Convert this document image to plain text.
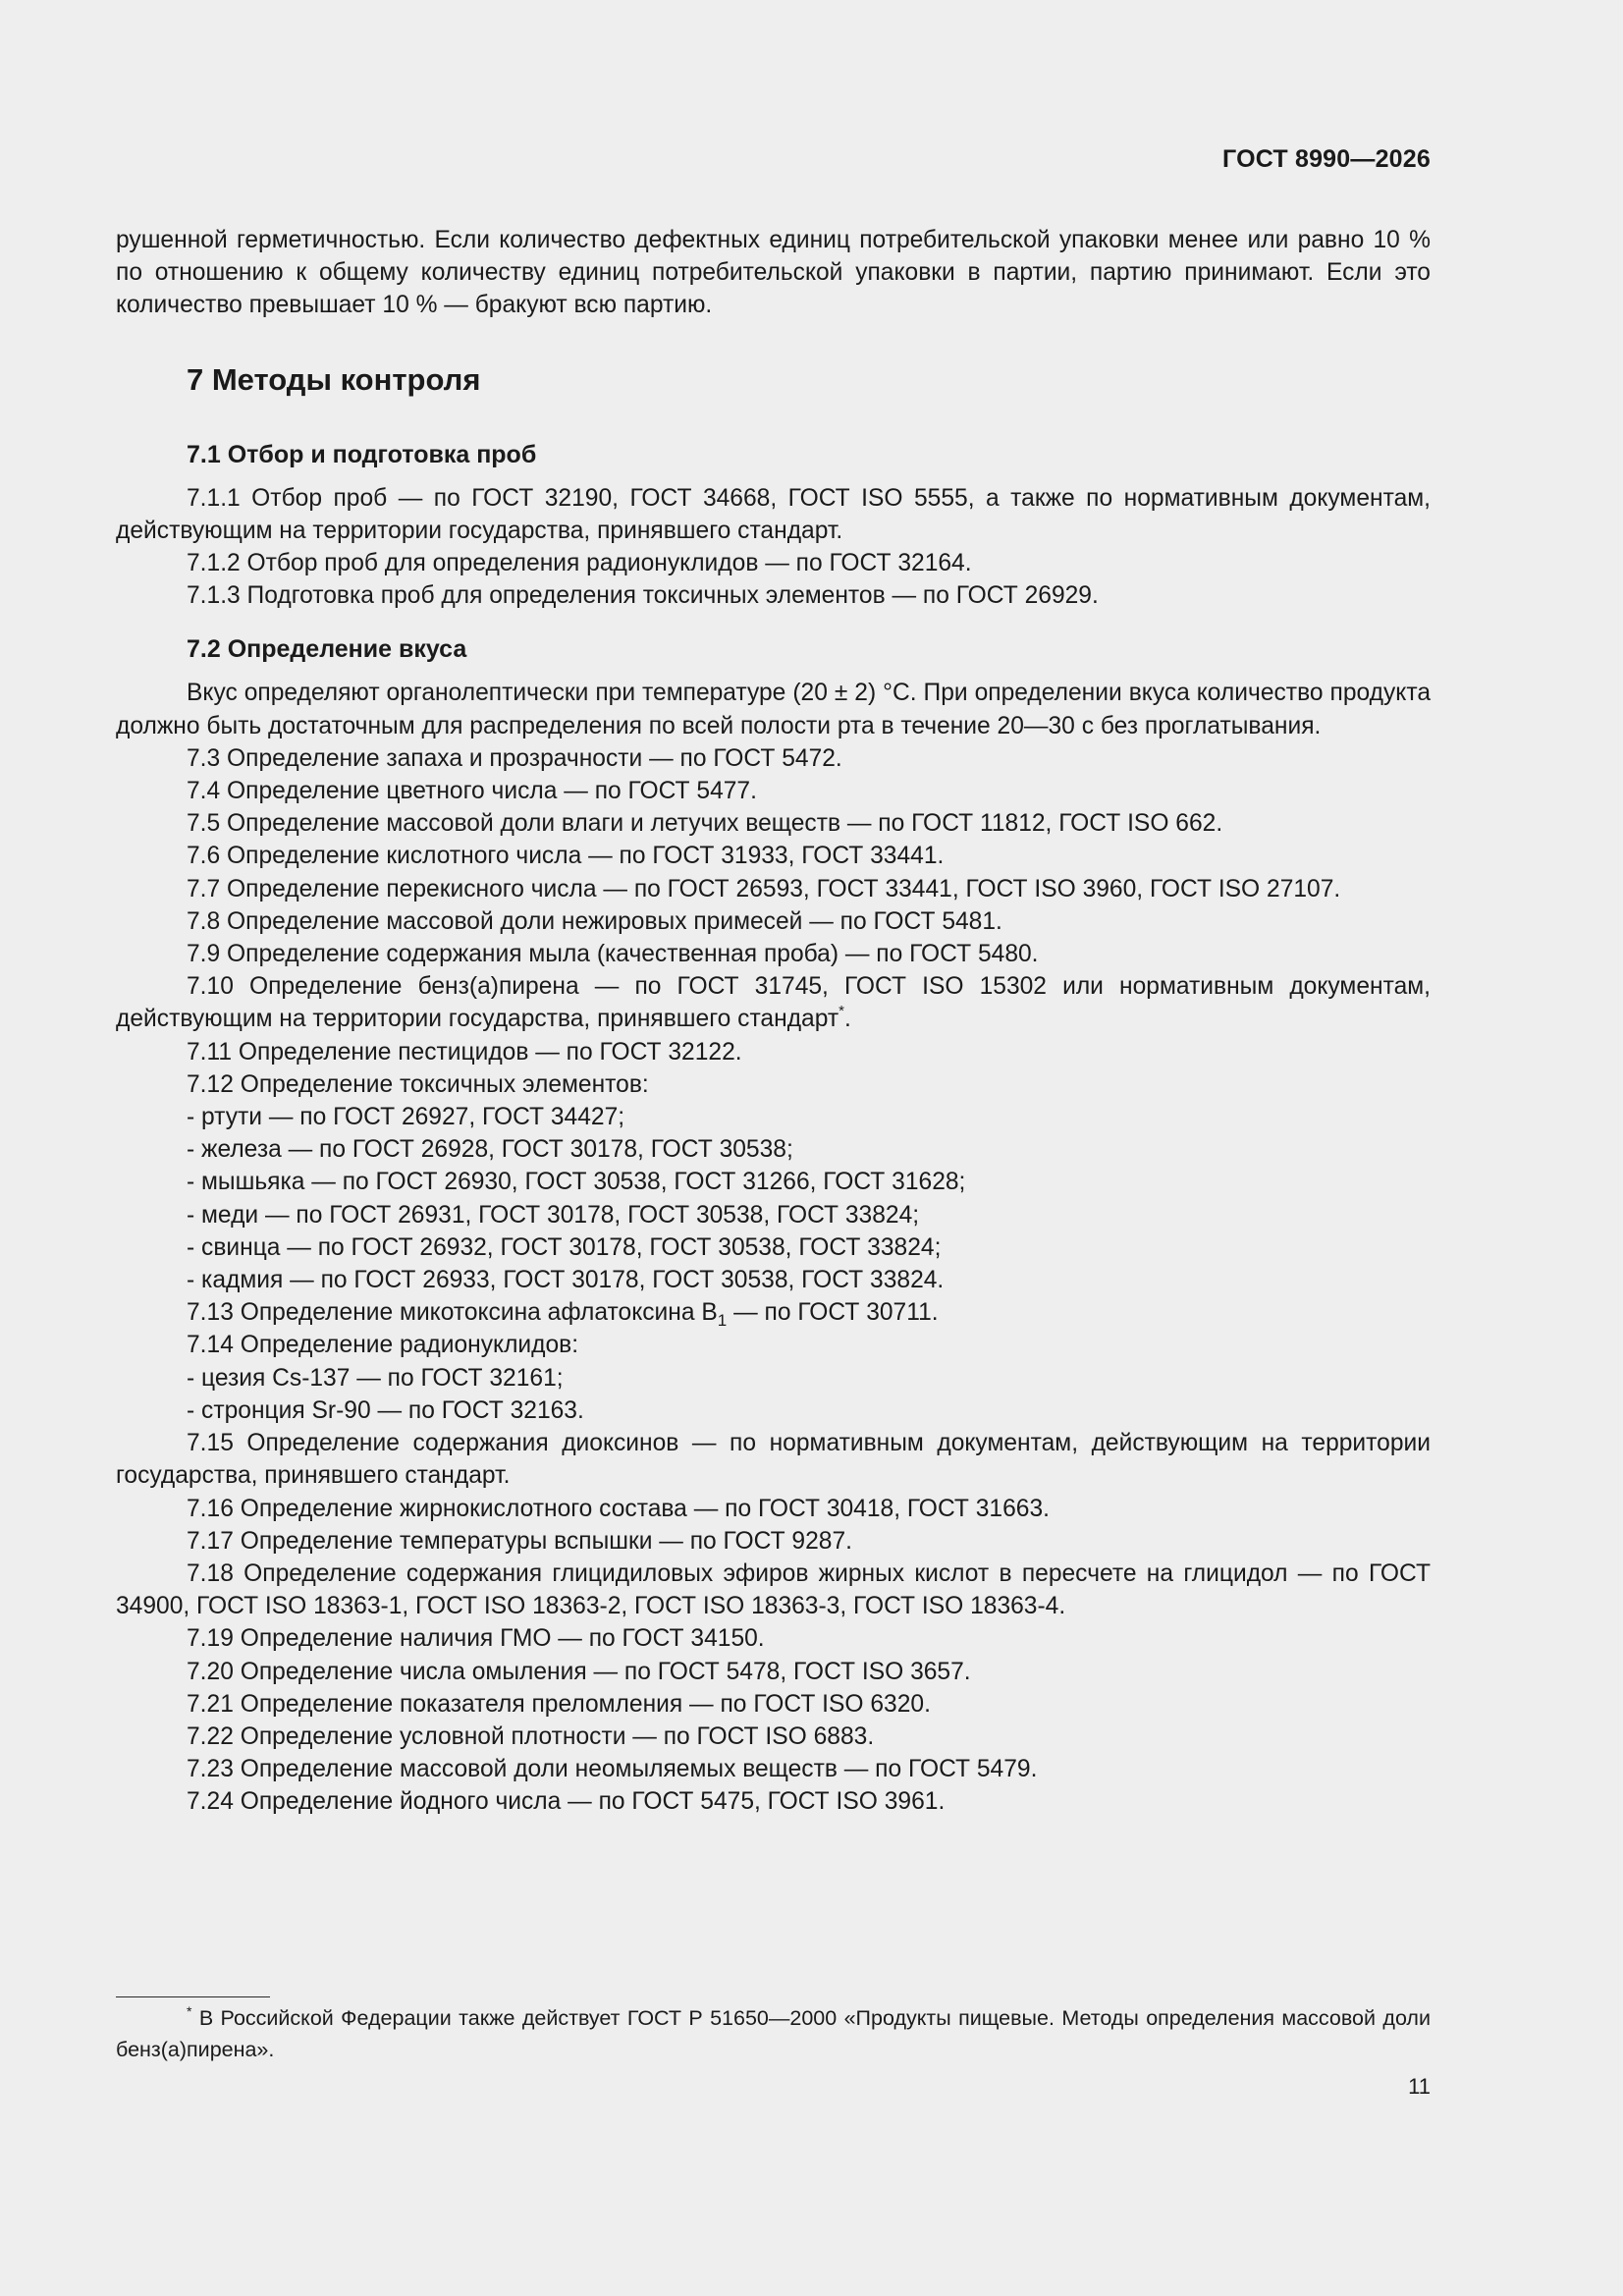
ГОСТ 8990—2026

рушенной герметичностью. Если количество дефектных единиц потребительской упаковки менее или равно 10 % по отношению к общему количеству единиц потребительской упаковки в партии, партию принимают. Если это количество превышает 10 % — бракуют всю партию.

7 Методы контроля
7.1 Отбор и подготовка проб

7.1.1 Отбор проб — по ГОСТ 32190, ГОСТ 34668, ГОСТ ISO 5555, а также по нормативным документам, действующим на территории государства, принявшего стандарт.

7.1.2 Отбор проб для определения радионуклидов — по ГОСТ 32164.

7.1.3 Подготовка проб для определения токсичных элементов — по ГОСТ 26929.

7.2 Определение вкуса

Вкус определяют органолептически при температуре (20 ± 2) °С. При определении вкуса количество продукта должно быть достаточным для распределения по всей полости рта в течение 20—30 с без проглатывания.

7.3 Определение запаха и прозрачности — по ГОСТ 5472.

7.4 Определение цветного числа — по ГОСТ 5477.

7.5 Определение массовой доли влаги и летучих веществ — по ГОСТ 11812, ГОСТ ISO 662.

7.6 Определение кислотного числа — по ГОСТ 31933, ГОСТ 33441.

7.7 Определение перекисного числа — по ГОСТ 26593, ГОСТ 33441, ГОСТ ISO 3960, ГОСТ ISO 27107.

7.8 Определение массовой доли нежировых примесей — по ГОСТ 5481.

7.9 Определение содержания мыла (качественная проба) — по ГОСТ 5480.

7.10 Определение бенз(а)пирена — по ГОСТ 31745, ГОСТ ISO 15302 или нормативным документам, действующим на территории государства, принявшего стандарт*.

7.11 Определение пестицидов — по ГОСТ 32122.

7.12 Определение токсичных элементов:

- ртути — по ГОСТ 26927, ГОСТ 34427;

- железа — по ГОСТ 26928, ГОСТ 30178, ГОСТ 30538;

- мышьяка — по ГОСТ 26930, ГОСТ 30538, ГОСТ 31266, ГОСТ 31628;

- меди — по ГОСТ 26931, ГОСТ 30178, ГОСТ 30538, ГОСТ 33824;

- свинца — по ГОСТ 26932, ГОСТ 30178, ГОСТ 30538, ГОСТ 33824;

- кадмия — по ГОСТ 26933, ГОСТ 30178, ГОСТ 30538, ГОСТ 33824.

7.13 Определение микотоксина афлатоксина $В_1$ — по ГОСТ 30711.

7.14 Определение радионуклидов:

- цезия Cs-137 — по ГОСТ 32161;

- стронция Sr-90 — по ГОСТ 32163.

7.15 Определение содержания диоксинов — по нормативным документам, действующим на территории государства, принявшего стандарт.

7.16 Определение жирнокислотного состава — по ГОСТ 30418, ГОСТ 31663.

7.17 Определение температуры вспышки — по ГОСТ 9287.

7.18 Определение содержания глицидиловых эфиров жирных кислот в пересчете на глицидол — по ГОСТ 34900, ГОСТ ISO 18363-1, ГОСТ ISO 18363-2, ГОСТ ISO 18363-3, ГОСТ ISO 18363-4.

7.19 Определение наличия ГМО — по ГОСТ 34150.

7.20 Определение числа омыления — по ГОСТ 5478, ГОСТ ISO 3657.

7.21 Определение показателя преломления — по ГОСТ ISO 6320.

7.22 Определение условной плотности — по ГОСТ ISO 6883.

7.23 Определение массовой доли неомыляемых веществ — по ГОСТ 5479.

7.24 Определение йодного числа — по ГОСТ 5475, ГОСТ ISO 3961.

* В Российской Федерации также действует ГОСТ Р 51650—2000 «Продукты пищевые. Методы определения массовой доли бенз(а)пирена».
11
